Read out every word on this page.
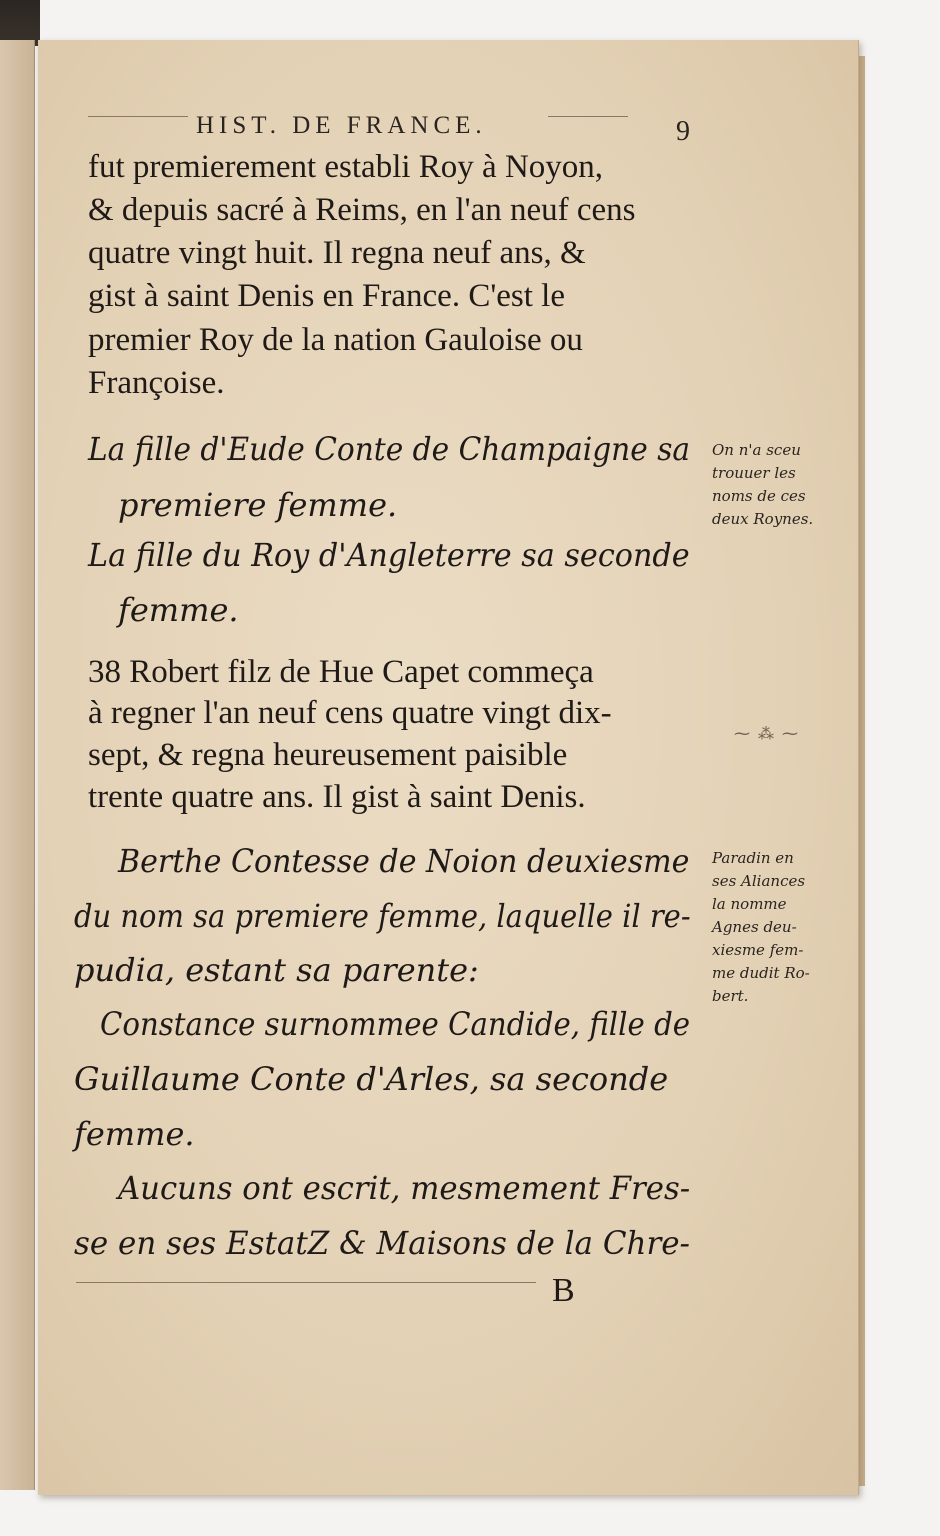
HIST. DE FRANCE.	9
fut premierement establi Roy à Noyon,
& depuis sacré à Reims, en l'an neuf cens
quatre vingt huit. Il regna neuf ans, &
gist à saint Denis en France. C'est le
premier Roy de la nation Gauloise ou
Françoise.
La fille d'Eude Conte de Champaigne sa
premiere femme.
La fille du Roy d'Angleterre sa seconde
femme.
38 Robert filz de Hue Capet commeça
à regner l'an neuf cens quatre vingt dix-
sept, & regna heureusement paisible
trente quatre ans. Il gist à saint Denis.
Berthe Contesse de Noion deuxiesme
du nom sa premiere femme, laquelle il re-
pudia, estant sa parente:
Constance surnommee Candide, fille de
Guillaume Conte d'Arles, sa seconde
femme.
Aucuns ont escrit, mesmement Fres-
se en ses EstatZ & Maisons de la Chre-
On n'a sceu
trouuer les
noms de ces
deux Roynes.
⁓ ⁂ ⁓
Paradin en
ses Aliances
la nomme
Agnes deu-
xiesme fem-
me dudit Ro-
bert.
B
